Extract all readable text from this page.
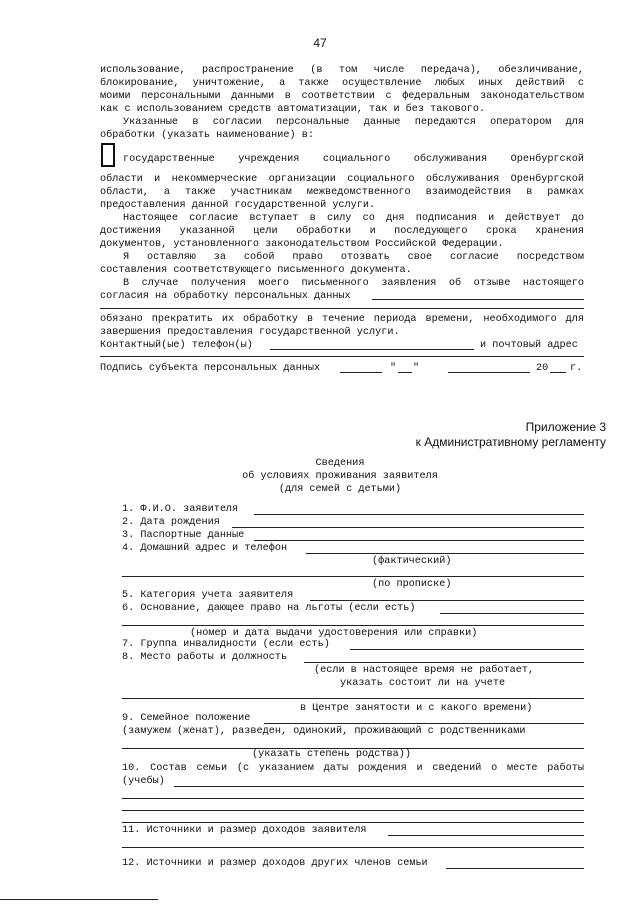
47
использование, распространение (в том числе передача), обезличивание,
блокирование, уничтожение, а также осуществление любых иных действий с
моими персональными данными в соответствии с федеральным законодательством
как с использованием средств автоматизации, так и без таковогo.
Указанные в согласии персональные данные передаются оператором для
обработки (указать наименование) в:
государственные учреждения социального обслуживания Оренбургской
области и некоммерческие организации социального обслуживания Оренбургской
области, а также участникам межведомственного взаимодействия в рамках
предоставления данной государственной услуги.
Настоящее согласие вступает в силу со дня подписания и действует до
достижения указанной цели обработки и последующего срока хранения
документов, установленного законодательством Российской Федерации.
Я оставляю за собой право отозвать свое согласие посредством
составления соответствующего письменного документа.
В случае получения моего письменного заявления об отзыве настоящего
согласия на обработку персональных данных
обязано прекратить их обработку в течение периода времени, необходимого для
завершения предоставления государственной услуги.
Контактный(ые) телефон(ы)	и почтовый адрес
Подпись субъекта персональных данных	" "	20 г.
Приложение 3
к Административному регламенту
Сведения
об условиях проживания заявителя
(для семей с детьми)
1. Ф.И.О. заявителя
2. Дата рождения
3. Паспортные данные
4. Домашний адрес и телефон
(фактический)
(по прописке)
5. Категория учета заявителя
6. Основание, дающее право на льготы (если есть)
(номер и дата выдачи удостоверения или справки)
7. Группа инвалидности (если есть)
8. Место работы и должность
(если в настоящее время не работает,
указать состоит ли на учете
в Центре занятости и с какого времени)
9. Семейное положение
(замужем (женат), разведен, одинокий, проживающий с родственниками
(указать степень родства))
10. Состав семьи (с указанием даты рождения и сведений о месте работы
(учебы)
11. Источники и размер доходов заявителя
12. Источники и размер доходов других членов семьи
